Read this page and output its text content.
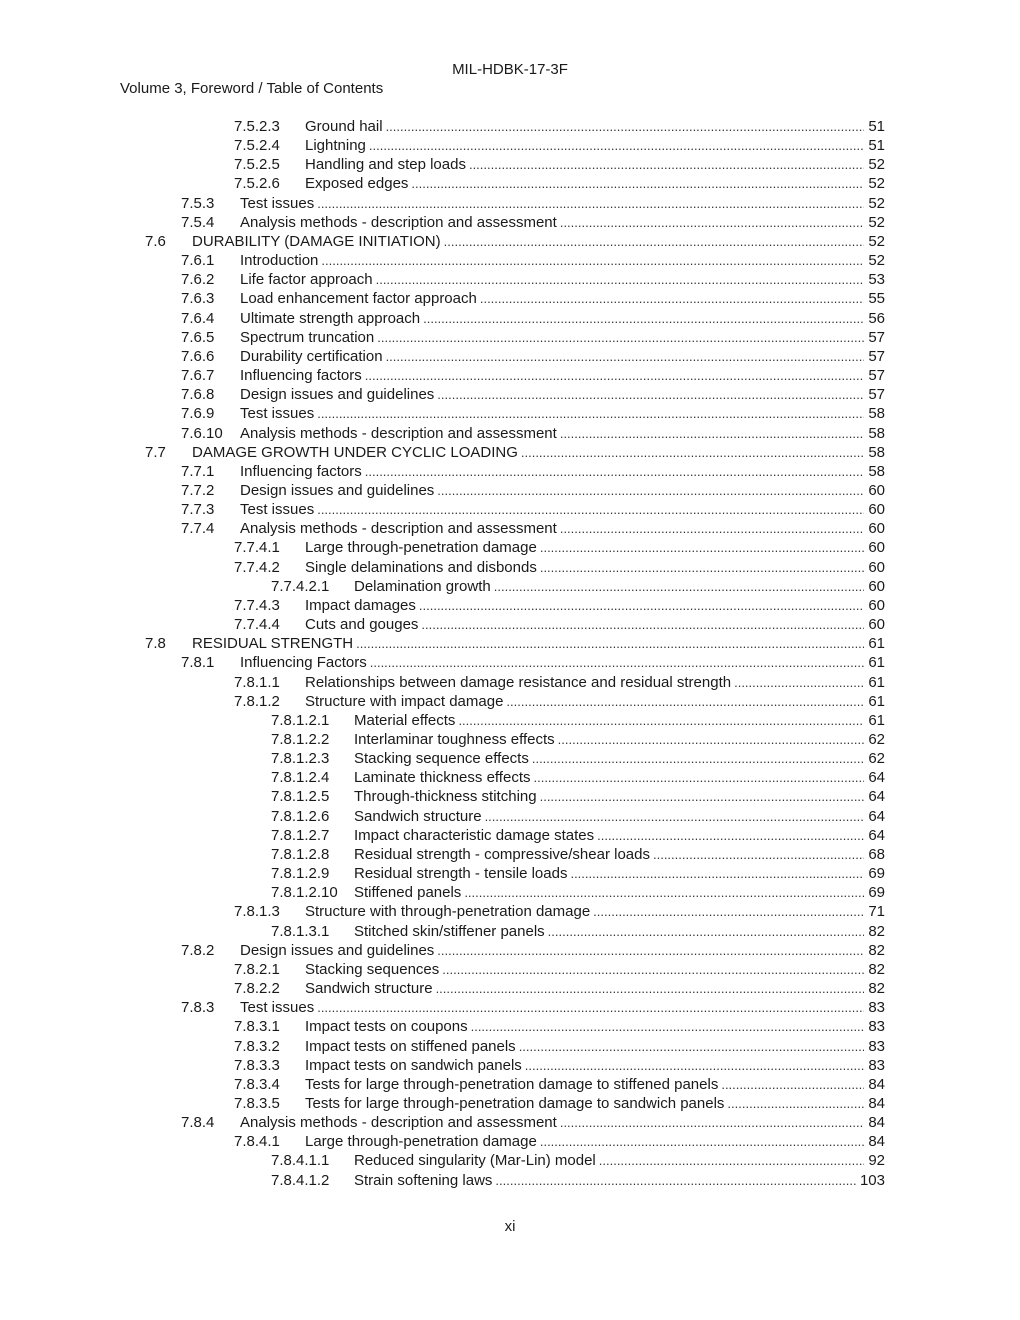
MIL-HDBK-17-3F
Volume 3, Foreword / Table of Contents
7.5.2.3 Ground hail .....	51
7.5.2.4 Lightning .....	51
7.5.2.5 Handling and step loads .....	52
7.5.2.6 Exposed edges .....	52
7.5.3 Test issues .....	52
7.5.4 Analysis methods - description and assessment .....	52
7.6 DURABILITY (DAMAGE INITIATION) .....	52
7.6.1 Introduction .....	52
7.6.2 Life factor approach .....	53
7.6.3 Load enhancement factor approach .....	55
7.6.4 Ultimate strength approach .....	56
7.6.5 Spectrum truncation .....	57
7.6.6 Durability certification .....	57
7.6.7 Influencing factors .....	57
7.6.8 Design issues and guidelines .....	57
7.6.9 Test issues .....	58
7.6.10 Analysis methods - description and assessment .....	58
7.7 DAMAGE GROWTH UNDER CYCLIC LOADING .....	58
7.7.1 Influencing factors .....	58
7.7.2 Design issues and guidelines .....	60
7.7.3 Test issues .....	60
7.7.4 Analysis methods - description and assessment .....	60
7.7.4.1 Large through-penetration damage .....	60
7.7.4.2 Single delaminations and disbonds .....	60
7.7.4.2.1 Delamination growth .....	60
7.7.4.3 Impact damages .....	60
7.7.4.4 Cuts and gouges .....	60
7.8 RESIDUAL STRENGTH .....	61
7.8.1 Influencing Factors .....	61
7.8.1.1 Relationships between damage resistance and residual strength .....	61
7.8.1.2 Structure with impact damage .....	61
7.8.1.2.1 Material effects .....	61
7.8.1.2.2 Interlaminar toughness effects .....	62
7.8.1.2.3 Stacking sequence effects .....	62
7.8.1.2.4 Laminate thickness effects .....	64
7.8.1.2.5 Through-thickness stitching .....	64
7.8.1.2.6 Sandwich structure .....	64
7.8.1.2.7 Impact characteristic damage states .....	64
7.8.1.2.8 Residual strength - compressive/shear loads .....	68
7.8.1.2.9 Residual strength - tensile loads .....	69
7.8.1.2.10 Stiffened panels .....	69
7.8.1.3 Structure with through-penetration damage .....	71
7.8.1.3.1 Stitched skin/stiffener panels .....	82
7.8.2 Design issues and guidelines .....	82
7.8.2.1 Stacking sequences .....	82
7.8.2.2 Sandwich structure .....	82
7.8.3 Test issues .....	83
7.8.3.1 Impact tests on coupons .....	83
7.8.3.2 Impact tests on stiffened panels .....	83
7.8.3.3 Impact tests on sandwich panels .....	83
7.8.3.4 Tests for large through-penetration damage to stiffened panels .....	84
7.8.3.5 Tests for large through-penetration damage to sandwich panels .....	84
7.8.4 Analysis methods - description and assessment .....	84
7.8.4.1 Large through-penetration damage .....	84
7.8.4.1.1 Reduced singularity (Mar-Lin) model .....	92
7.8.4.1.2 Strain softening laws .....	103
xi
